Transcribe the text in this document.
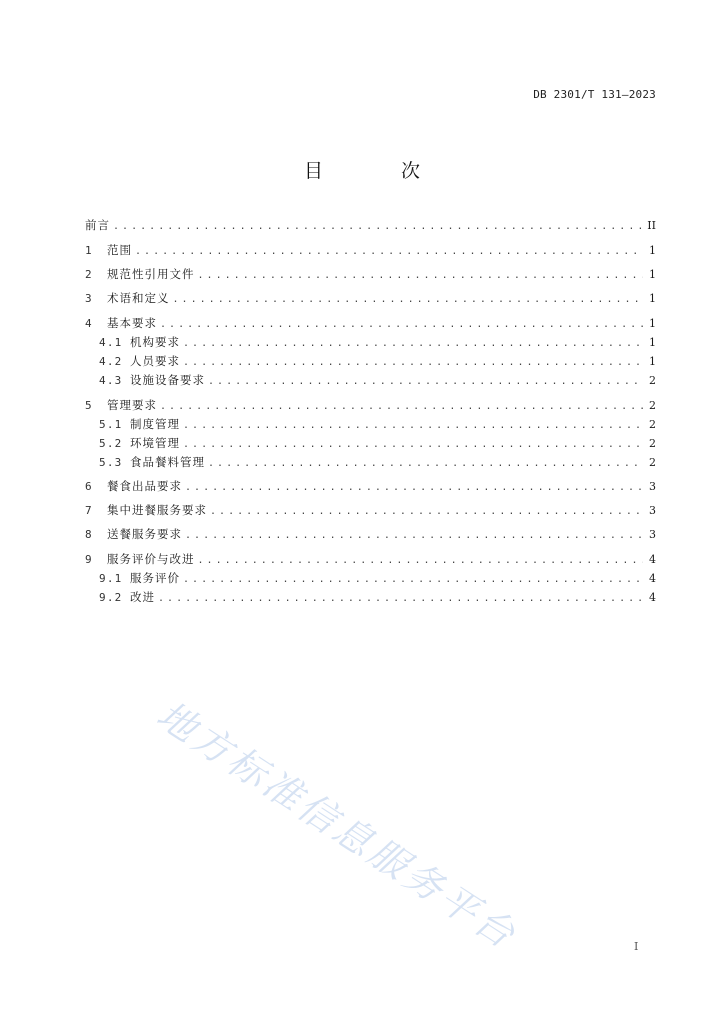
DB 2301/T 131—2023
目 次
前言 . . .	II
1	范围 . . .	1
2	规范性引用文件 . . .	1
3	术语和定义 . . .	1
4	基本要求 . . .	1
4.1 机构要求 . . .	1
4.2 人员要求 . . .	1
4.3 设施设备要求 . . .	2
5	管理要求 . . .	2
5.1 制度管理 . . .	2
5.2 环境管理 . . .	2
5.3 食品餐料管理 . . .	2
6	餐食出品要求 . . .	3
7	集中进餐服务要求 . . .	3
8	送餐服务要求 . . .	3
9	服务评价与改进 . . .	4
9.1 服务评价 . . .	4
9.2 改进 . . .	4
地方标准信息服务平台	I
